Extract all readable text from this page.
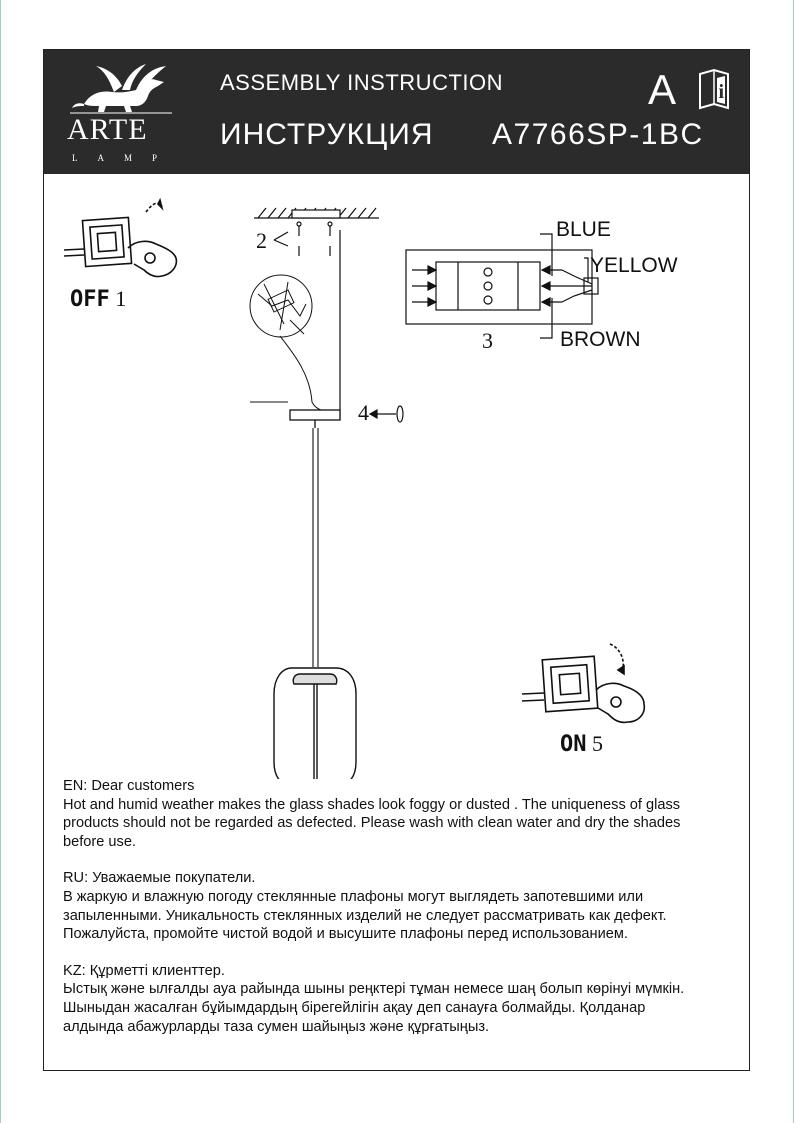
ARTE
LAMP
ASSEMBLY INSTRUCTION
ИНСТРУКЦИЯ A7766SP-1BC
A i
OFF 1
2
3
4
ON 5
BLUE
YELLOW
BROWN

EN: Dear customers

Hot and humid weather makes the glass shades look foggy or dusted . The uniqueness of glass

products should not be regarded as defected. Please wash with clean water and dry the shades

before use.

RU: Уважаемые покупатели.

В жаркую и влажную погоду стеклянные плафоны могут выглядеть запотевшими или

запыленными. Уникальность стеклянных изделий не следует рассматривать как дефект.

Пожалуйста, промойте чистой водой и высушите плафоны перед использованием.

KZ: Құрметті клиенттер.

Ыстық және ылғалды ауа райында шыны реңктері тұман немесе шаң болып көрінуі мүмкін.

Шыныдан жасалған бұйымдардың бірегейлігін ақау деп санауға болмайды. Қолданар

алдында абажурларды таза сумен шайыңыз және құрғатыңыз.
